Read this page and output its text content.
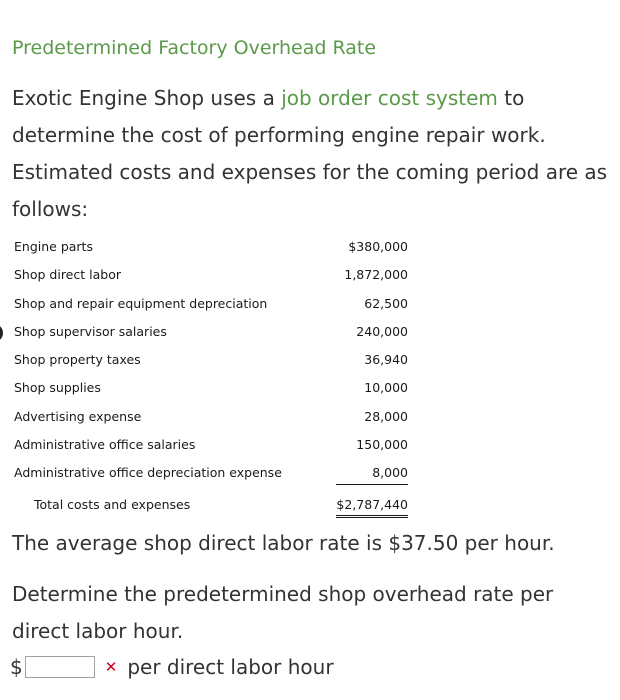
Predetermined Factory Overhead Rate
Exotic Engine Shop uses a job order cost system to determine the cost of performing engine repair work. Estimated costs and expenses for the coming period are as follows:
Engine parts	$380,000
Shop direct labor	1,872,000
Shop and repair equipment depreciation	62,500
Shop supervisor salaries	240,000
Shop property taxes	36,940
Shop supplies	10,000
Advertising expense	28,000
Administrative office salaries	150,000
Administrative office depreciation expense	8,000
Total costs and expenses	$2,787,440
The average shop direct labor rate is $37.50 per hour.
Determine the predetermined shop overhead rate per direct labor hour.
$	✕ per direct labor hour
